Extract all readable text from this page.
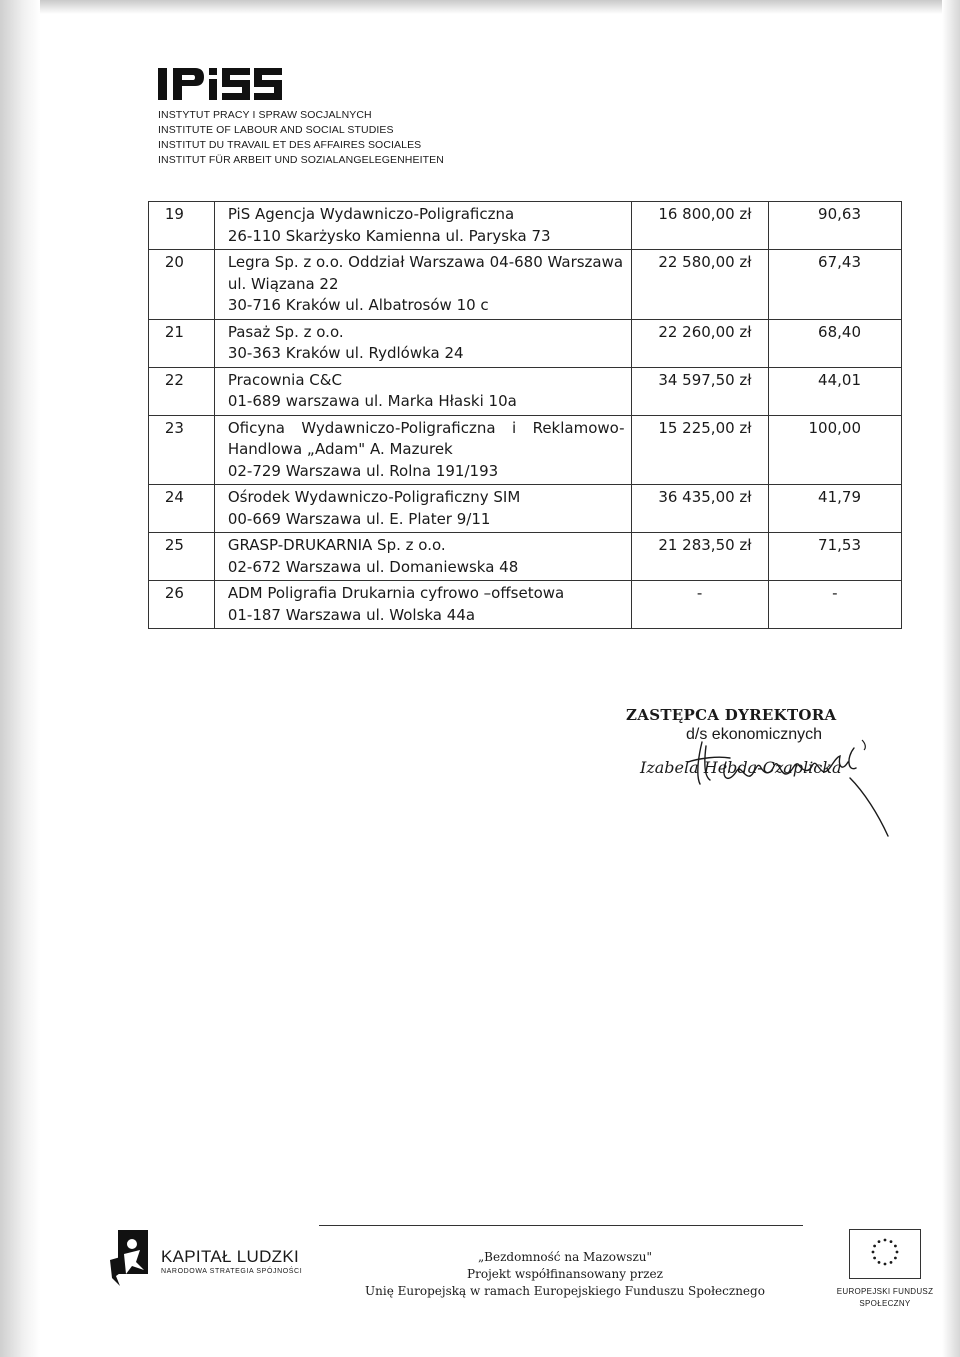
INSTYTUT PRACY I SPRAW SOCJALNYCH
INSTITUTE OF LABOUR AND SOCIAL STUDIES
INSTITUT DU TRAVAIL ET DES AFFAIRES SOCIALES
INSTITUT FÜR ARBEIT UND SOZIALANGELEGENHEITEN
19	PiS Agencja Wydawniczo-Poligraficzna
26-110 Skarżysko Kamienna ul. Paryska 73	16 800,00 zł	90,63
20	Legra Sp. z o.o. Oddział Warszawa 04-680 Warszawa
ul. Wiązana 22
30-716 Kraków ul. Albatrosów 10 c	22 580,00 zł	67,43
21	Pasaż Sp. z o.o.
30-363 Kraków ul. Rydlówka 24	22 260,00 zł	68,40
22	Pracownia C&C
01-689 warszawa ul. Marka Hłaski 10a	34 597,50 zł	44,01
23	Oficyna Wydawniczo-Poligraficzna i Reklamowo-
Handlowa „Adam" A. Mazurek
02-729 Warszawa ul. Rolna 191/193	15 225,00 zł	100,00
24	Ośrodek Wydawniczo-Poligraficzny SIM
00-669 Warszawa ul. E. Plater 9/11	36 435,00 zł	41,79
25	GRASP-DRUKARNIA Sp. z o.o.
02-672 Warszawa ul. Domaniewska 48	21 283,50 zł	71,53
26	ADM Poligrafia Drukarnia cyfrowo –offsetowa
01-187 Warszawa ul. Wolska 44a	-	-
ZASTĘPCA DYREKTORA
d/s ekonomicznych
Izabela Hebda-Czaplicka
KAPITAŁ LUDZKI
NARODOWA STRATEGIA SPÓJNOŚCI
„Bezdomność na Mazowszu"
Projekt współfinansowany przez
Unię Europejską w ramach Europejskiego Funduszu Społecznego	EUROPEJSKI FUNDUSZ
SPOŁECZNY
